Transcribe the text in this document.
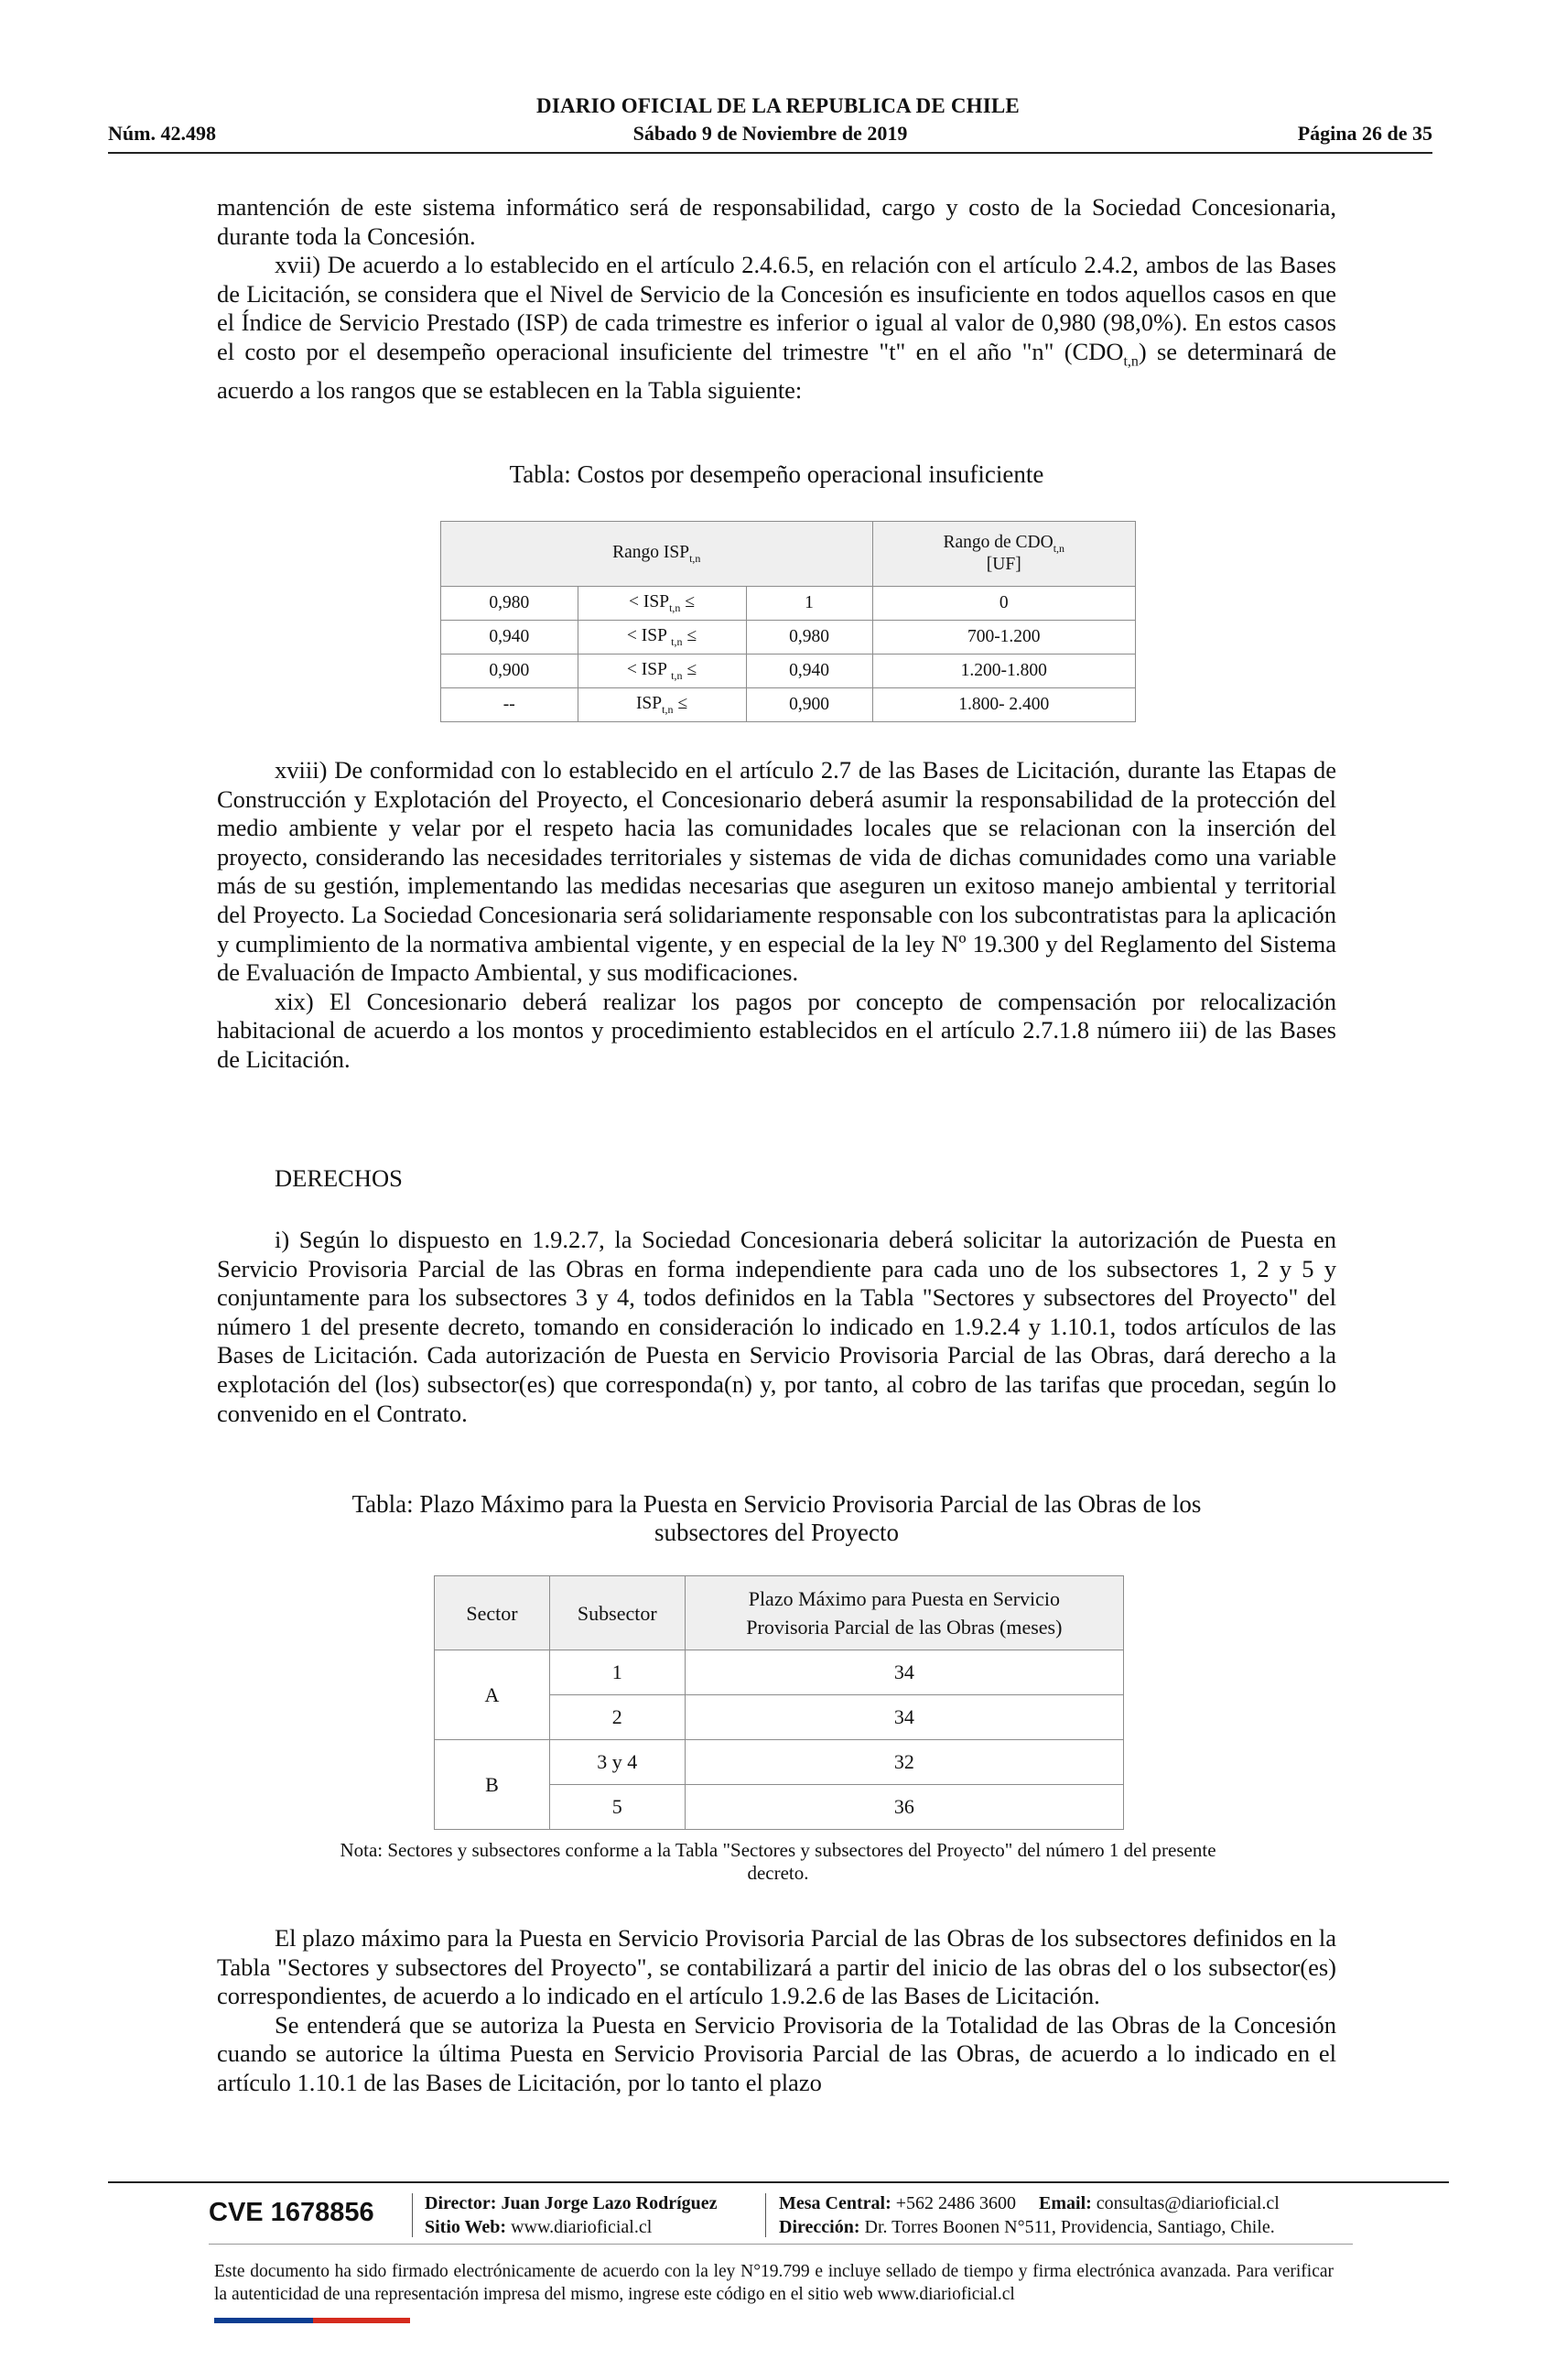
DIARIO OFICIAL DE LA REPUBLICA DE CHILE
Núm. 42.498	Sábado 9 de Noviembre de 2019	Página 26 de 35

mantención de este sistema informático será de responsabilidad, cargo y costo de la Sociedad Concesionaria, durante toda la Concesión.

xvii) De acuerdo a lo establecido en el artículo 2.4.6.5, en relación con el artículo 2.4.2, ambos de las Bases de Licitación, se considera que el Nivel de Servicio de la Concesión es insuficiente en todos aquellos casos en que el Índice de Servicio Prestado (ISP) de cada trimestre es inferior o igual al valor de 0,980 (98,0%). En estos casos el costo por el desempeño operacional insuficiente del trimestre "t" en el año "n" $(CDO_{t,n})$ se determinará de acuerdo a los rangos que se establecen en la Tabla siguiente:

Tabla: Costos por desempeño operacional insuficiente
Rango $ISP_{t,n}$			Rango de $CDO_{t,n}$
[UF]
0,980	< $ISP_{t,n}$ ≤	1	0
0,940	< ISP $_{t,n}$ ≤	0,980	700-1.200
0,900	< ISP $_{t,n}$ ≤	0,940	1.200-1.800
--	$ISP_{t,n}$ ≤	0,900	1.800- 2.400

xviii) De conformidad con lo establecido en el artículo 2.7 de las Bases de Licitación, durante las Etapas de Construcción y Explotación del Proyecto, el Concesionario deberá asumir la responsabilidad de la protección del medio ambiente y velar por el respeto hacia las comunidades locales que se relacionan con la inserción del proyecto, considerando las necesidades territoriales y sistemas de vida de dichas comunidades como una variable más de su gestión, implementando las medidas necesarias que aseguren un exitoso manejo ambiental y territorial del Proyecto. La Sociedad Concesionaria será solidariamente responsable con los subcontratistas para la aplicación y cumplimiento de la normativa ambiental vigente, y en especial de la ley Nº 19.300 y del Reglamento del Sistema de Evaluación de Impacto Ambiental, y sus modificaciones.

xix) El Concesionario deberá realizar los pagos por concepto de compensación por relocalización habitacional de acuerdo a los montos y procedimiento establecidos en el artículo 2.7.1.8 número iii) de las Bases de Licitación.

DERECHOS

i) Según lo dispuesto en 1.9.2.7, la Sociedad Concesionaria deberá solicitar la autorización de Puesta en Servicio Provisoria Parcial de las Obras en forma independiente para cada uno de los subsectores 1, 2 y 5 y conjuntamente para los subsectores 3 y 4, todos definidos en la Tabla "Sectores y subsectores del Proyecto" del número 1 del presente decreto, tomando en consideración lo indicado en 1.9.2.4 y 1.10.1, todos artículos de las Bases de Licitación. Cada autorización de Puesta en Servicio Provisoria Parcial de las Obras, dará derecho a la explotación del (los) subsector(es) que corresponda(n) y, por tanto, al cobro de las tarifas que procedan, según lo convenido en el Contrato.

Tabla: Plazo Máximo para la Puesta en Servicio Provisoria Parcial de las Obras de los
subsectores del Proyecto
Sector	Subsector	Plazo Máximo para Puesta en Servicio
Provisoria Parcial de las Obras (meses)
A	1	34
	2	34
B	3 y 4	32
	5	36
Nota: Sectores y subsectores conforme a la Tabla "Sectores y subsectores del Proyecto" del número 1 del presente
decreto.

El plazo máximo para la Puesta en Servicio Provisoria Parcial de las Obras de los subsectores definidos en la Tabla "Sectores y subsectores del Proyecto", se contabilizará a partir del inicio de las obras del o los subsector(es) correspondientes, de acuerdo a lo indicado en el artículo 1.9.2.6 de las Bases de Licitación.

Se entenderá que se autoriza la Puesta en Servicio Provisoria de la Totalidad de las Obras de la Concesión cuando se autorice la última Puesta en Servicio Provisoria Parcial de las Obras, de acuerdo a lo indicado en el artículo 1.10.1 de las Bases de Licitación, por lo tanto el plazo

CVE 1678856	Director: Juan Jorge Lazo Rodríguez
Sitio Web: www.diarioficial.cl
Mesa Central: +562 2486 3600 Email: consultas@diarioficial.cl
Dirección: Dr. Torres Boonen N°511, Providencia, Santiago, Chile.
Este documento ha sido firmado electrónicamente de acuerdo con la ley N°19.799 e incluye sellado de tiempo y firma electrónica avanzada. Para verificar la autenticidad de una representación impresa del mismo, ingrese este código en el sitio web www.diarioficial.cl
